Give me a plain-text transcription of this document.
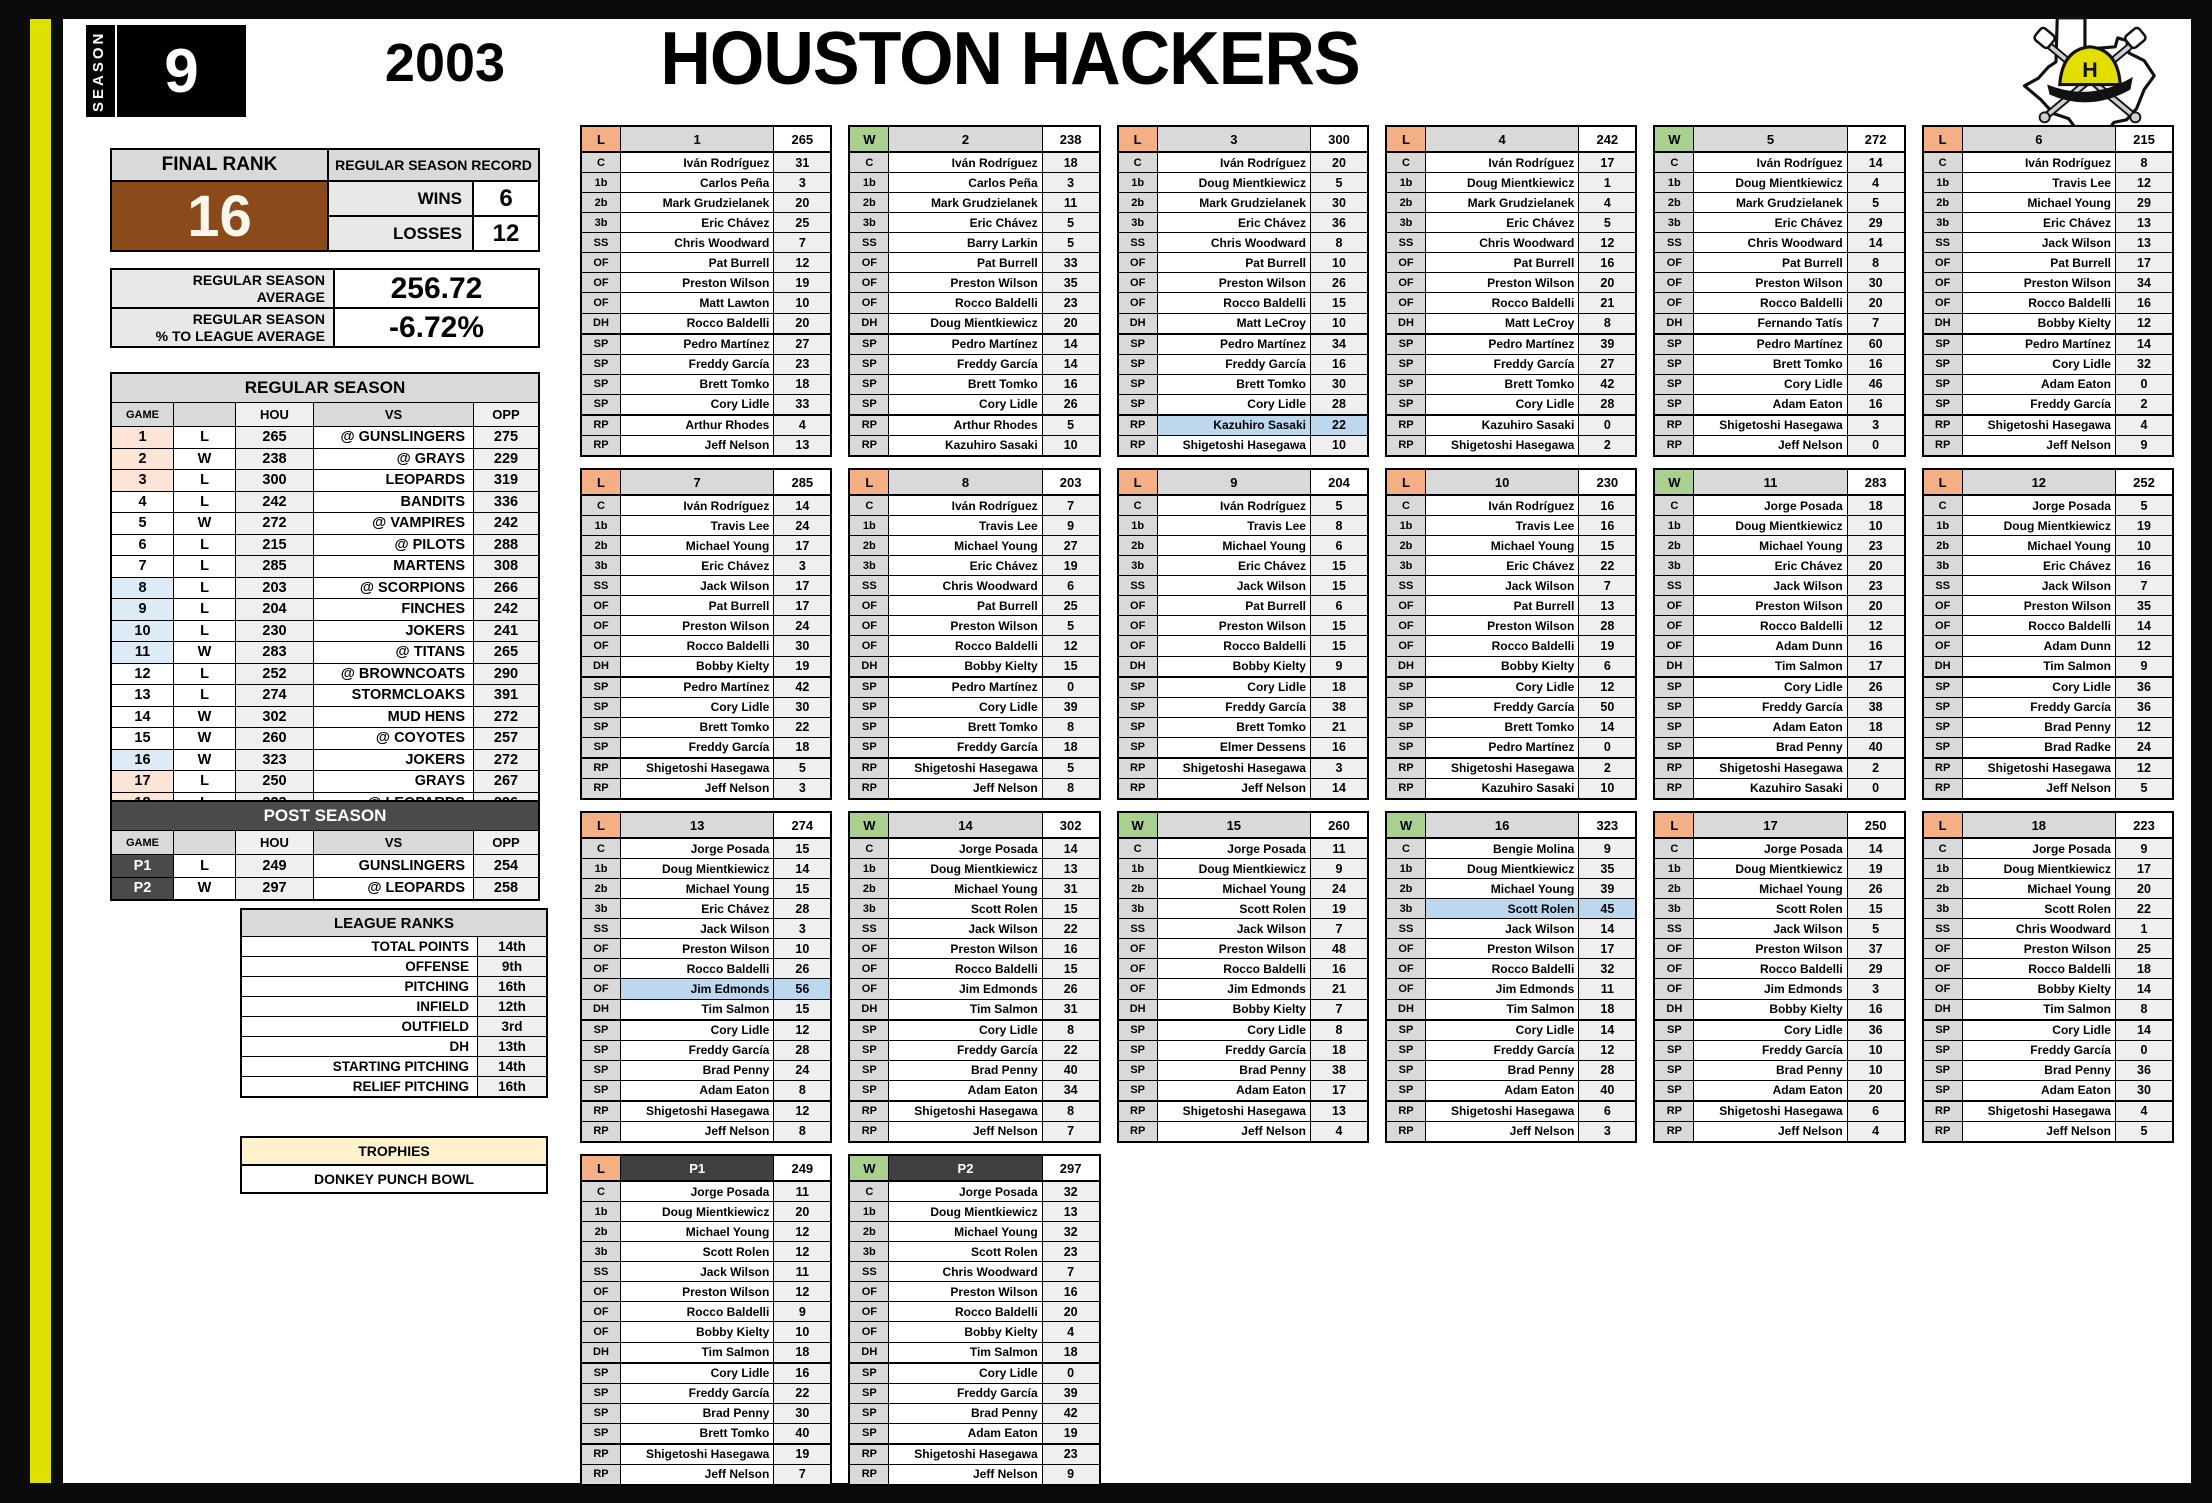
SEASON 9	2003	HOUSTON HACKERS	H
FINAL RANK
16
REGULAR SEASON RECORD
WINS	6
LOSSES	12
REGULAR SEASON
AVERAGE	256.72
REGULAR SEASON
% TO LEAGUE AVERAGE	-6.72%
REGULAR SEASON
GAME	HOU	VS	OPP
1	L	265	@ GUNSLINGERS	275
2	W	238	@ GRAYS	229
3	L	300	LEOPARDS	319
4	L	242	BANDITS	336
5	W	272	@ VAMPIRES	242
6	L	215	@ PILOTS	288
7	L	285	MARTENS	308
8	L	203	@ SCORPIONS	266
9	L	204	FINCHES	242
10	L	230	JOKERS	241
11	W	283	@ TITANS	265
12	L	252	@ BROWNCOATS	290
13	L	274	STORMCLOAKS	391
14	W	302	MUD HENS	272
15	W	260	@ COYOTES	257
16	W	323	JOKERS	272
17	L	250	GRAYS	267
POST SEASON
GAME	HOU	VS	OPP
P1	L	249	GUNSLINGERS	254
P2	W	297	@ LEOPARDS	258
LEAGUE RANKS
TOTAL POINTS	14th
OFFENSE	9th
PITCHING	16th
INFIELD	12th
OUTFIELD	3rd
DH	13th
STARTING PITCHING	14th
RELIEF PITCHING	16th
TROPHIES
DONKEY PUNCH BOWL
L	1	265
C	Iván Rodríguez	31
1b	Carlos Peña	3
2b	Mark Grudzielanek	20
3b	Eric Chávez	25
SS	Chris Woodward	7
OF	Pat Burrell	12
OF	Preston Wilson	19
OF	Matt Lawton	10
DH	Rocco Baldelli	20
SP	Pedro Martínez	27
SP	Freddy García	23
SP	Brett Tomko	18
SP	Cory Lidle	33
RP	Arthur Rhodes	4
RP	Jeff Nelson	13
W	2	238
C	Iván Rodríguez	18
1b	Carlos Peña	3
2b	Mark Grudzielanek	11
3b	Eric Chávez	5
SS	Barry Larkin	5
OF	Pat Burrell	33
OF	Preston Wilson	35
OF	Rocco Baldelli	23
DH	Doug Mientkiewicz	20
SP	Pedro Martínez	14
SP	Freddy García	14
SP	Brett Tomko	16
SP	Cory Lidle	26
RP	Arthur Rhodes	5
RP	Kazuhiro Sasaki	10
L	3	300
C	Iván Rodríguez	20
1b	Doug Mientkiewicz	5
2b	Mark Grudzielanek	30
3b	Eric Chávez	36
SS	Chris Woodward	8
OF	Pat Burrell	10
OF	Preston Wilson	26
OF	Rocco Baldelli	15
DH	Matt LeCroy	10
SP	Pedro Martínez	34
SP	Freddy García	16
SP	Brett Tomko	30
SP	Cory Lidle	28
RP	Kazuhiro Sasaki	22
RP	Shigetoshi Hasegawa	10
L	4	242
C	Iván Rodríguez	17
1b	Doug Mientkiewicz	1
2b	Mark Grudzielanek	4
3b	Eric Chávez	5
SS	Chris Woodward	12
OF	Pat Burrell	16
OF	Preston Wilson	20
OF	Rocco Baldelli	21
DH	Matt LeCroy	8
SP	Pedro Martínez	39
SP	Freddy García	27
SP	Brett Tomko	42
SP	Cory Lidle	28
RP	Kazuhiro Sasaki	0
RP	Shigetoshi Hasegawa	2
W	5	272
C	Iván Rodríguez	14
1b	Doug Mientkiewicz	4
2b	Mark Grudzielanek	5
3b	Eric Chávez	29
SS	Chris Woodward	14
OF	Pat Burrell	8
OF	Preston Wilson	30
OF	Rocco Baldelli	20
DH	Fernando Tatís	7
SP	Pedro Martínez	60
SP	Brett Tomko	16
SP	Cory Lidle	46
SP	Adam Eaton	16
RP	Shigetoshi Hasegawa	3
RP	Jeff Nelson	0
L	6	215
C	Iván Rodríguez	8
1b	Travis Lee	12
2b	Michael Young	29
3b	Eric Chávez	13
SS	Jack Wilson	13
OF	Pat Burrell	17
OF	Preston Wilson	34
OF	Rocco Baldelli	16
DH	Bobby Kielty	12
SP	Pedro Martínez	14
SP	Cory Lidle	32
SP	Adam Eaton	0
SP	Freddy García	2
RP	Shigetoshi Hasegawa	4
RP	Jeff Nelson	9
L	7	285
C	Iván Rodríguez	14
1b	Travis Lee	24
2b	Michael Young	17
3b	Eric Chávez	3
SS	Jack Wilson	17
OF	Pat Burrell	17
OF	Preston Wilson	24
OF	Rocco Baldelli	30
DH	Bobby Kielty	19
SP	Pedro Martínez	42
SP	Cory Lidle	30
SP	Brett Tomko	22
SP	Freddy García	18
RP	Shigetoshi Hasegawa	5
RP	Jeff Nelson	3
L	8	203
C	Iván Rodríguez	7
1b	Travis Lee	9
2b	Michael Young	27
3b	Eric Chávez	19
SS	Chris Woodward	6
OF	Pat Burrell	25
OF	Preston Wilson	5
OF	Rocco Baldelli	12
DH	Bobby Kielty	15
SP	Pedro Martínez	0
SP	Cory Lidle	39
SP	Brett Tomko	8
SP	Freddy García	18
RP	Shigetoshi Hasegawa	5
RP	Jeff Nelson	8
L	9	204
C	Iván Rodríguez	5
1b	Travis Lee	8
2b	Michael Young	6
3b	Eric Chávez	15
SS	Jack Wilson	15
OF	Pat Burrell	6
OF	Preston Wilson	15
OF	Rocco Baldelli	15
DH	Bobby Kielty	9
SP	Cory Lidle	18
SP	Freddy García	38
SP	Brett Tomko	21
SP	Elmer Dessens	16
RP	Shigetoshi Hasegawa	3
RP	Jeff Nelson	14
L	10	230
C	Iván Rodríguez	16
1b	Travis Lee	16
2b	Michael Young	15
3b	Eric Chávez	22
SS	Jack Wilson	7
OF	Pat Burrell	13
OF	Preston Wilson	28
OF	Rocco Baldelli	19
DH	Bobby Kielty	6
SP	Cory Lidle	12
SP	Freddy García	50
SP	Brett Tomko	14
SP	Pedro Martínez	0
RP	Shigetoshi Hasegawa	2
RP	Kazuhiro Sasaki	10
W	11	283
C	Jorge Posada	18
1b	Doug Mientkiewicz	10
2b	Michael Young	23
3b	Eric Chávez	20
SS	Jack Wilson	23
OF	Preston Wilson	20
OF	Rocco Baldelli	12
OF	Adam Dunn	16
DH	Tim Salmon	17
SP	Cory Lidle	26
SP	Freddy García	38
SP	Adam Eaton	18
SP	Brad Penny	40
RP	Shigetoshi Hasegawa	2
RP	Kazuhiro Sasaki	0
L	12	252
C	Jorge Posada	5
1b	Doug Mientkiewicz	19
2b	Michael Young	10
3b	Eric Chávez	16
SS	Jack Wilson	7
OF	Preston Wilson	35
OF	Rocco Baldelli	14
OF	Adam Dunn	12
DH	Tim Salmon	9
SP	Cory Lidle	36
SP	Freddy García	36
SP	Brad Penny	12
SP	Brad Radke	24
RP	Shigetoshi Hasegawa	12
RP	Jeff Nelson	5
L	13	274
C	Jorge Posada	15
1b	Doug Mientkiewicz	14
2b	Michael Young	15
3b	Eric Chávez	28
SS	Jack Wilson	3
OF	Preston Wilson	10
OF	Rocco Baldelli	26
OF	Jim Edmonds	56
DH	Tim Salmon	15
SP	Cory Lidle	12
SP	Freddy García	28
SP	Brad Penny	24
SP	Adam Eaton	8
RP	Shigetoshi Hasegawa	12
RP	Jeff Nelson	8
W	14	302
C	Jorge Posada	14
1b	Doug Mientkiewicz	13
2b	Michael Young	31
3b	Scott Rolen	15
SS	Jack Wilson	22
OF	Preston Wilson	16
OF	Rocco Baldelli	15
OF	Jim Edmonds	26
DH	Tim Salmon	31
SP	Cory Lidle	8
SP	Freddy García	22
SP	Brad Penny	40
SP	Adam Eaton	34
RP	Shigetoshi Hasegawa	8
RP	Jeff Nelson	7
W	15	260
C	Jorge Posada	11
1b	Doug Mientkiewicz	9
2b	Michael Young	24
3b	Scott Rolen	19
SS	Jack Wilson	7
OF	Preston Wilson	48
OF	Rocco Baldelli	16
OF	Jim Edmonds	21
DH	Bobby Kielty	7
SP	Cory Lidle	8
SP	Freddy García	18
SP	Brad Penny	38
SP	Adam Eaton	17
RP	Shigetoshi Hasegawa	13
RP	Jeff Nelson	4
W	16	323
C	Bengie Molina	9
1b	Doug Mientkiewicz	35
2b	Michael Young	39
3b	Scott Rolen	45
SS	Jack Wilson	14
OF	Preston Wilson	17
OF	Rocco Baldelli	32
OF	Jim Edmonds	11
DH	Tim Salmon	18
SP	Cory Lidle	14
SP	Freddy García	12
SP	Brad Penny	28
SP	Adam Eaton	40
RP	Shigetoshi Hasegawa	6
RP	Jeff Nelson	3
L	17	250
C	Jorge Posada	14
1b	Doug Mientkiewicz	19
2b	Michael Young	26
3b	Scott Rolen	15
SS	Jack Wilson	5
OF	Preston Wilson	37
OF	Rocco Baldelli	29
OF	Jim Edmonds	3
DH	Bobby Kielty	16
SP	Cory Lidle	36
SP	Freddy García	10
SP	Brad Penny	10
SP	Adam Eaton	20
RP	Shigetoshi Hasegawa	6
RP	Jeff Nelson	4
L	18	223
C	Jorge Posada	9
1b	Doug Mientkiewicz	17
2b	Michael Young	20
3b	Scott Rolen	22
SS	Chris Woodward	1
OF	Preston Wilson	25
OF	Rocco Baldelli	18
OF	Bobby Kielty	14
DH	Tim Salmon	8
SP	Cory Lidle	14
SP	Freddy García	0
SP	Brad Penny	36
SP	Adam Eaton	30
RP	Shigetoshi Hasegawa	4
RP	Jeff Nelson	5
L	P1	249
C	Jorge Posada	11
1b	Doug Mientkiewicz	20
2b	Michael Young	12
3b	Scott Rolen	12
SS	Jack Wilson	11
OF	Preston Wilson	12
OF	Rocco Baldelli	9
OF	Bobby Kielty	10
DH	Tim Salmon	18
SP	Cory Lidle	16
SP	Freddy García	22
SP	Brad Penny	30
SP	Brett Tomko	40
RP	Shigetoshi Hasegawa	19
RP	Jeff Nelson	7
W	P2	297
C	Jorge Posada	32
1b	Doug Mientkiewicz	13
2b	Michael Young	32
3b	Scott Rolen	23
SS	Chris Woodward	7
OF	Preston Wilson	16
OF	Rocco Baldelli	20
OF	Bobby Kielty	4
DH	Tim Salmon	18
SP	Cory Lidle	0
SP	Freddy García	39
SP	Brad Penny	42
SP	Adam Eaton	19
RP	Shigetoshi Hasegawa	23
RP	Jeff Nelson	9
